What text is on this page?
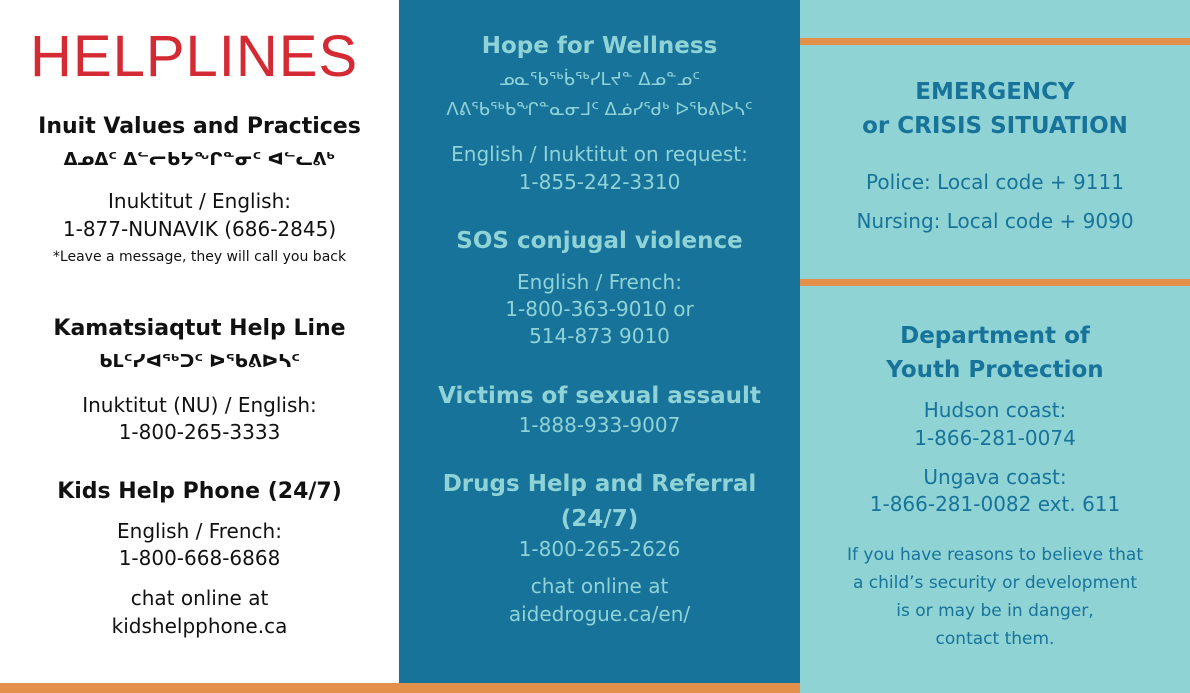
HELPLINES

Inuit Values and Practices

ᐃᓄᐃᑦ ᐃᓪᓕᑲᔭᖏᓐᓂᑦ ᐊᓪᓚᕕᒃ

Inuktitut / English:

1-877-NUNAVIK (686-2845)

*Leave a message, they will call you back

Kamatsiaqtut Help Line

ᑲᒪᑦᓯᐊᖅᑐᑦ ᐅᖃᕕᐅᓴᑦ

Inuktitut (NU) / English:

1-800-265-3333

Kids Help Phone (24/7)

English / French:

1-800-668-6868

chat online at

kidshelpphone.ca

Hope for Wellness

ᓄᓇᖃᖅᑳᖅᓯᒪᔪᓐ ᐃᓄᓐᓄᑦ

ᐱᕕᖃᖅᑲᖏᓐᓇᓂᒧᑦ ᐃᓅᓯᖁᒃ ᐅᖃᕕᐅᓴᑦ

English / Inuktitut on request:

1-855-242-3310

SOS conjugal violence

English / French:

1-800-363-9010 or

514-873 9010

Victims of sexual assault

1-888-933-9007

Drugs Help and Referral

(24/7)

1-800-265-2626

chat online at

aidedrogue.ca/en/

EMERGENCY

or CRISIS SITUATION

Police: Local code + 9111

Nursing: Local code + 9090

Department of

Youth Protection

Hudson coast:

1-866-281-0074

Ungava coast:

1-866-281-0082 ext. 611

If you have reasons to believe that

a child’s security or development

is or may be in danger,

contact them.
